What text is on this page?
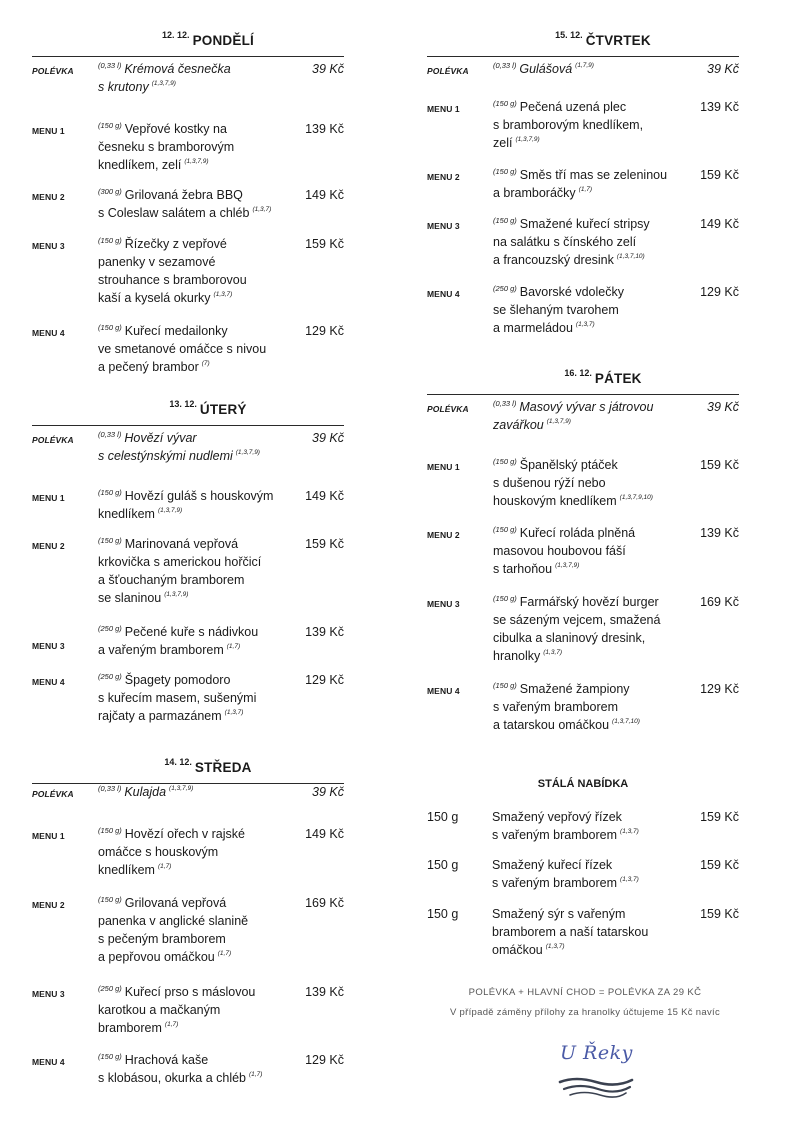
$^{12. 12.}$ PONDĚLÍ
POLÉVKA
$^{(0,33 l)}$ Krémová česnečka
s krutony $^{(1,3,7,9)}$
39 Kč
MENU 1
$^{(150 g)}$ Vepřové kostky na
česneku s bramborovým
knedlíkem, zelí $^{(1,3,7,9)}$
139 Kč
MENU 2
$^{(300 g)}$ Grilovaná žebra BBQ
s Coleslaw salátem a chléb $^{(1,3,7)}$
149 Kč
MENU 3
$^{(150 g)}$ Řízečky z vepřové
panenky v sezamové
strouhance s bramborovou
kaší a kyselá okurky $^{(1,3,7)}$
159 Kč
MENU 4
$^{(150 g)}$ Kuřecí medailonky
ve smetanové omáčce s nivou
a pečený brambor $^{(7)}$
129 Kč
$^{13. 12.}$ ÚTERÝ
POLÉVKA
$^{(0,33 l)}$ Hovězí vývar
s celestýnskými nudlemi $^{(1,3,7,9)}$
39 Kč
MENU 1
$^{(150 g)}$ Hovězí guláš s houskovým
knedlíkem $^{(1,3,7,9)}$
149 Kč
MENU 2
$^{(150 g)}$ Marinovaná vepřová
krkovička s americkou hořčicí
a šťouchaným bramborem
se slaninou $^{(1,3,7,9)}$
159 Kč
MENU 3
$^{(250 g)}$ Pečené kuře s nádivkou
a vařeným bramborem $^{(1,7)}$
139 Kč
MENU 4
$^{(250 g)}$ Špagety pomodoro
s kuřecím masem, sušenými
rajčaty a parmazánem $^{(1,3,7)}$
129 Kč
$^{14. 12.}$ STŘEDA
POLÉVKA
$^{(0,33 l)}$ Kulajda $^{(1,3,7,9)}$	39 Kč
MENU 1
$^{(150 g)}$ Hovězí ořech v rajské
omáčce s houskovým
knedlíkem $^{(1,7)}$
149 Kč
MENU 2
$^{(150 g)}$ Grilovaná vepřová
panenka v anglické slanině
s pečeným bramborem
a pepřovou omáčkou $^{(1,7)}$
169 Kč
MENU 3
$^{(250 g)}$ Kuřecí prso s máslovou
karotkou a mačkaným
bramborem $^{(1,7)}$
139 Kč
MENU 4
$^{(150 g)}$ Hrachová kaše
s klobásou, okurka a chléb $^{(1,7)}$
129 Kč
$^{15. 12.}$ ČTVRTEK
POLÉVKA
$^{(0,33 l)}$ Gulášová $^{(1,7,9)}$	39 Kč
MENU 1
$^{(150 g)}$ Pečená uzená plec
s bramborovým knedlíkem,
zelí $^{(1,3,7,9)}$
139 Kč
MENU 2
$^{(150 g)}$ Směs tří mas se zeleninou
a bramboráčky $^{(1,7)}$
159 Kč
MENU 3
$^{(150 g)}$ Smažené kuřecí stripsy
na salátku s čínského zelí
a francouzský dresink $^{(1,3,7,10)}$
149 Kč
MENU 4
$^{(250 g)}$ Bavorské vdolečky
se šlehaným tvarohem
a marmeládou $^{(1,3,7)}$
129 Kč
$^{16. 12.}$ PÁTEK
POLÉVKA
$^{(0,33 l)}$ Masový vývar s játrovou
zavářkou $^{(1,3,7,9)}$
39 Kč
MENU 1
$^{(150 g)}$ Španělský ptáček
s dušenou rýží nebo
houskovým knedlíkem $^{(1,3,7,9,10)}$
159 Kč
MENU 2
$^{(150 g)}$ Kuřecí roláda plněná
masovou houbovou fáší
s tarhoňou $^{(1,3,7,9)}$
139 Kč
MENU 3
$^{(150 g)}$ Farmářský hovězí burger
se sázeným vejcem, smažená
cibulka a slaninový dresink,
hranolky $^{(1,3,7)}$
169 Kč
MENU 4
$^{(150 g)}$ Smažené žampiony
s vařeným bramborem
a tatarskou omáčkou $^{(1,3,7,10)}$
129 Kč
STÁLÁ NABÍDKA
150 g	Smažený vepřový řízek
s vařeným bramborem $^{(1,3,7)}$
159 Kč
150 g	Smažený kuřecí řízek
s vařeným bramborem $^{(1,3,7)}$
159 Kč
150 g	Smažený sýr s vařeným
bramborem a naší tatarskou
omáčkou $^{(1,3,7)}$
159 Kč
POLÉVKA + HLAVNÍ CHOD = POLÉVKA ZA 29 KČ
V případě záměny přílohy za hranolky účtujeme 15 Kč navíc
U Řeky
